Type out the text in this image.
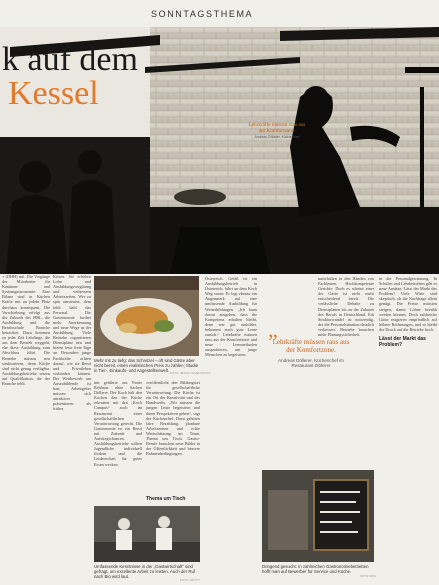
SONNTAGSTHEMA
k auf dem
Kessel
Lehrkräfte müssen raus aus der Komfortzone.
Andreas Döllerer, Küchenchef

+ (DHH) mit. Die Vorgänge der Mitarbeiter für Kantinen- und Systemgastronomie: Eine Bilanz sind in Küchen Kräfte mit an jedem Platz durchaus konsequent. Die Verschiebung erfolgt aus der Zukunft des HBL, die Ausbildung und die Berufsschule Branche betrachtet. Dazu kommen zu jeder Zeit Lehrlinge, die aus dem Betrieb weggeht, ehe diese Ausbildung zum Abschluss führt. Die Betriebe müssen neu strukturieren, denn Köche sind nicht genug verfügbar. Ausbildungsbetriebe setzen auf Qualifikation, die der Branche fehlt.

Krisen. Sie erhöhen Lohn und Ausbildungsvergütung und verbessern Arbeitszeiten. Wer zu spät umsteuert, dem fehlt bald das Personal. Die Gastronomie fordert mehr Anerkennung und neue Wege in der Ausbildung. Viele Betriebe organisieren Dienstpläne neu und bieten feste freie Tage an. Besonders junge Fachkräfte achten darauf, wie sie Beruf und Privatleben verbinden können. Der Wettbewerb um Auszubildende ist hart, Arbeitgeber müssen sich attraktiver präsentieren als früher.

Mehr mit zu tiefg: das Schnitzel – oft sind Gäste aber nicht bereit, einen realistischen Preis zu zahlen; Studie in Tier-, Einkaufs- und Angestelltenwelt. FOTO: IMAGO / EVENTFOTO

mit geführte aus Vinter Rebhaus ohne Sachen Döllerer. Der Koch hält den Kochen den der Küche rekrutiert mit den „Koch Campus“ auch im Restaurant einer gesellschaftlichen Verantwortung gerecht. Die Gastronomie ist ein Beruf mit Zukunft und Aufstiegschancen. Ausbildungsbetriebe sollten Jugendliche individuell fördern und die Leidenschaft für gutes Essen wecken.

veröffentlicht den Bildungsort für gesellschaftliche Verantwortung. Die Küche ist ein Ort der Kreativität und des Handwerks. „Wir müssen die jungen Leute begeistern und ihnen Perspektiven geben“, sagt der Küchenchef. Dazu gehören faire Bezahlung, planbare Arbeitszeiten und echte Wertschätzung im Team. Thema um Tisch: Gastro-Berufe brauchen neue Bilder in der Öffentlichkeit und bessere Rahmenbedingungen.

Thema um Tisch
Umfassende Kenntnisse in der „Gastwirtschaft“ sind gefragt, um exzellente Arbeit zu leisten. Auch der Ruf nach Bio wird laut.
FOTO: GETTY

Österreich. Gefäß ist ein Ausbildungsbetrieb in Österreich, führt an dem Koch Weg voran. Er legt ebenso ein Augenmerk auf eine umfassende Ausbildung für Weiterbildungen. „Ich kann davon ausgehen, dass die Kompetenz erhalten bleibt, denn wer gut ausbildet, bekommt auch gute Leute zurück.“ Lehrkräfte müssen raus aus der Komfortzone und neue Lernmethoden ausprobieren, um junge Menschen zu begeistern.

„
Lehrkräfte müssen raus aus der Komfortzone.
Andreas Döllerer, Küchenchef im Restaurant Döllerer

unterhalten in den Händen von Fachleuten. Hochkompetente Gerichte. Doch es scheint einer der Gäste ist nicht mehr entscheidend bereit. Die verlässliche Debatte zu Dienstplänen bis zu der Zukunft des Berufs in Deutschland. Ein Strukturwandel ist notwendig, der die Personalsituation deutlich verbessert. Betriebe brauchen mehr Planungssicherheit.

Dringend gesucht: In zahlreichen Gastronomiebetrieben hofft man auf Bewerber für Service und Küche.
FOTO: DPA

in der Personalgewinnung. In Schulen und Lehrbetrieben gibt es neue Ansätze. Lässt der Markt das Problem? Viele Wirte sind skeptisch, ob die Nachfrage allein genügt. Die Preise müssten steigen, damit Löhne bezahlt werden können. Doch zahlreiche Gäste reagieren empfindlich auf höhere Rechnungen, und so bleibt der Druck auf die Betriebe hoch.

Lässt der Markt das Problem?
